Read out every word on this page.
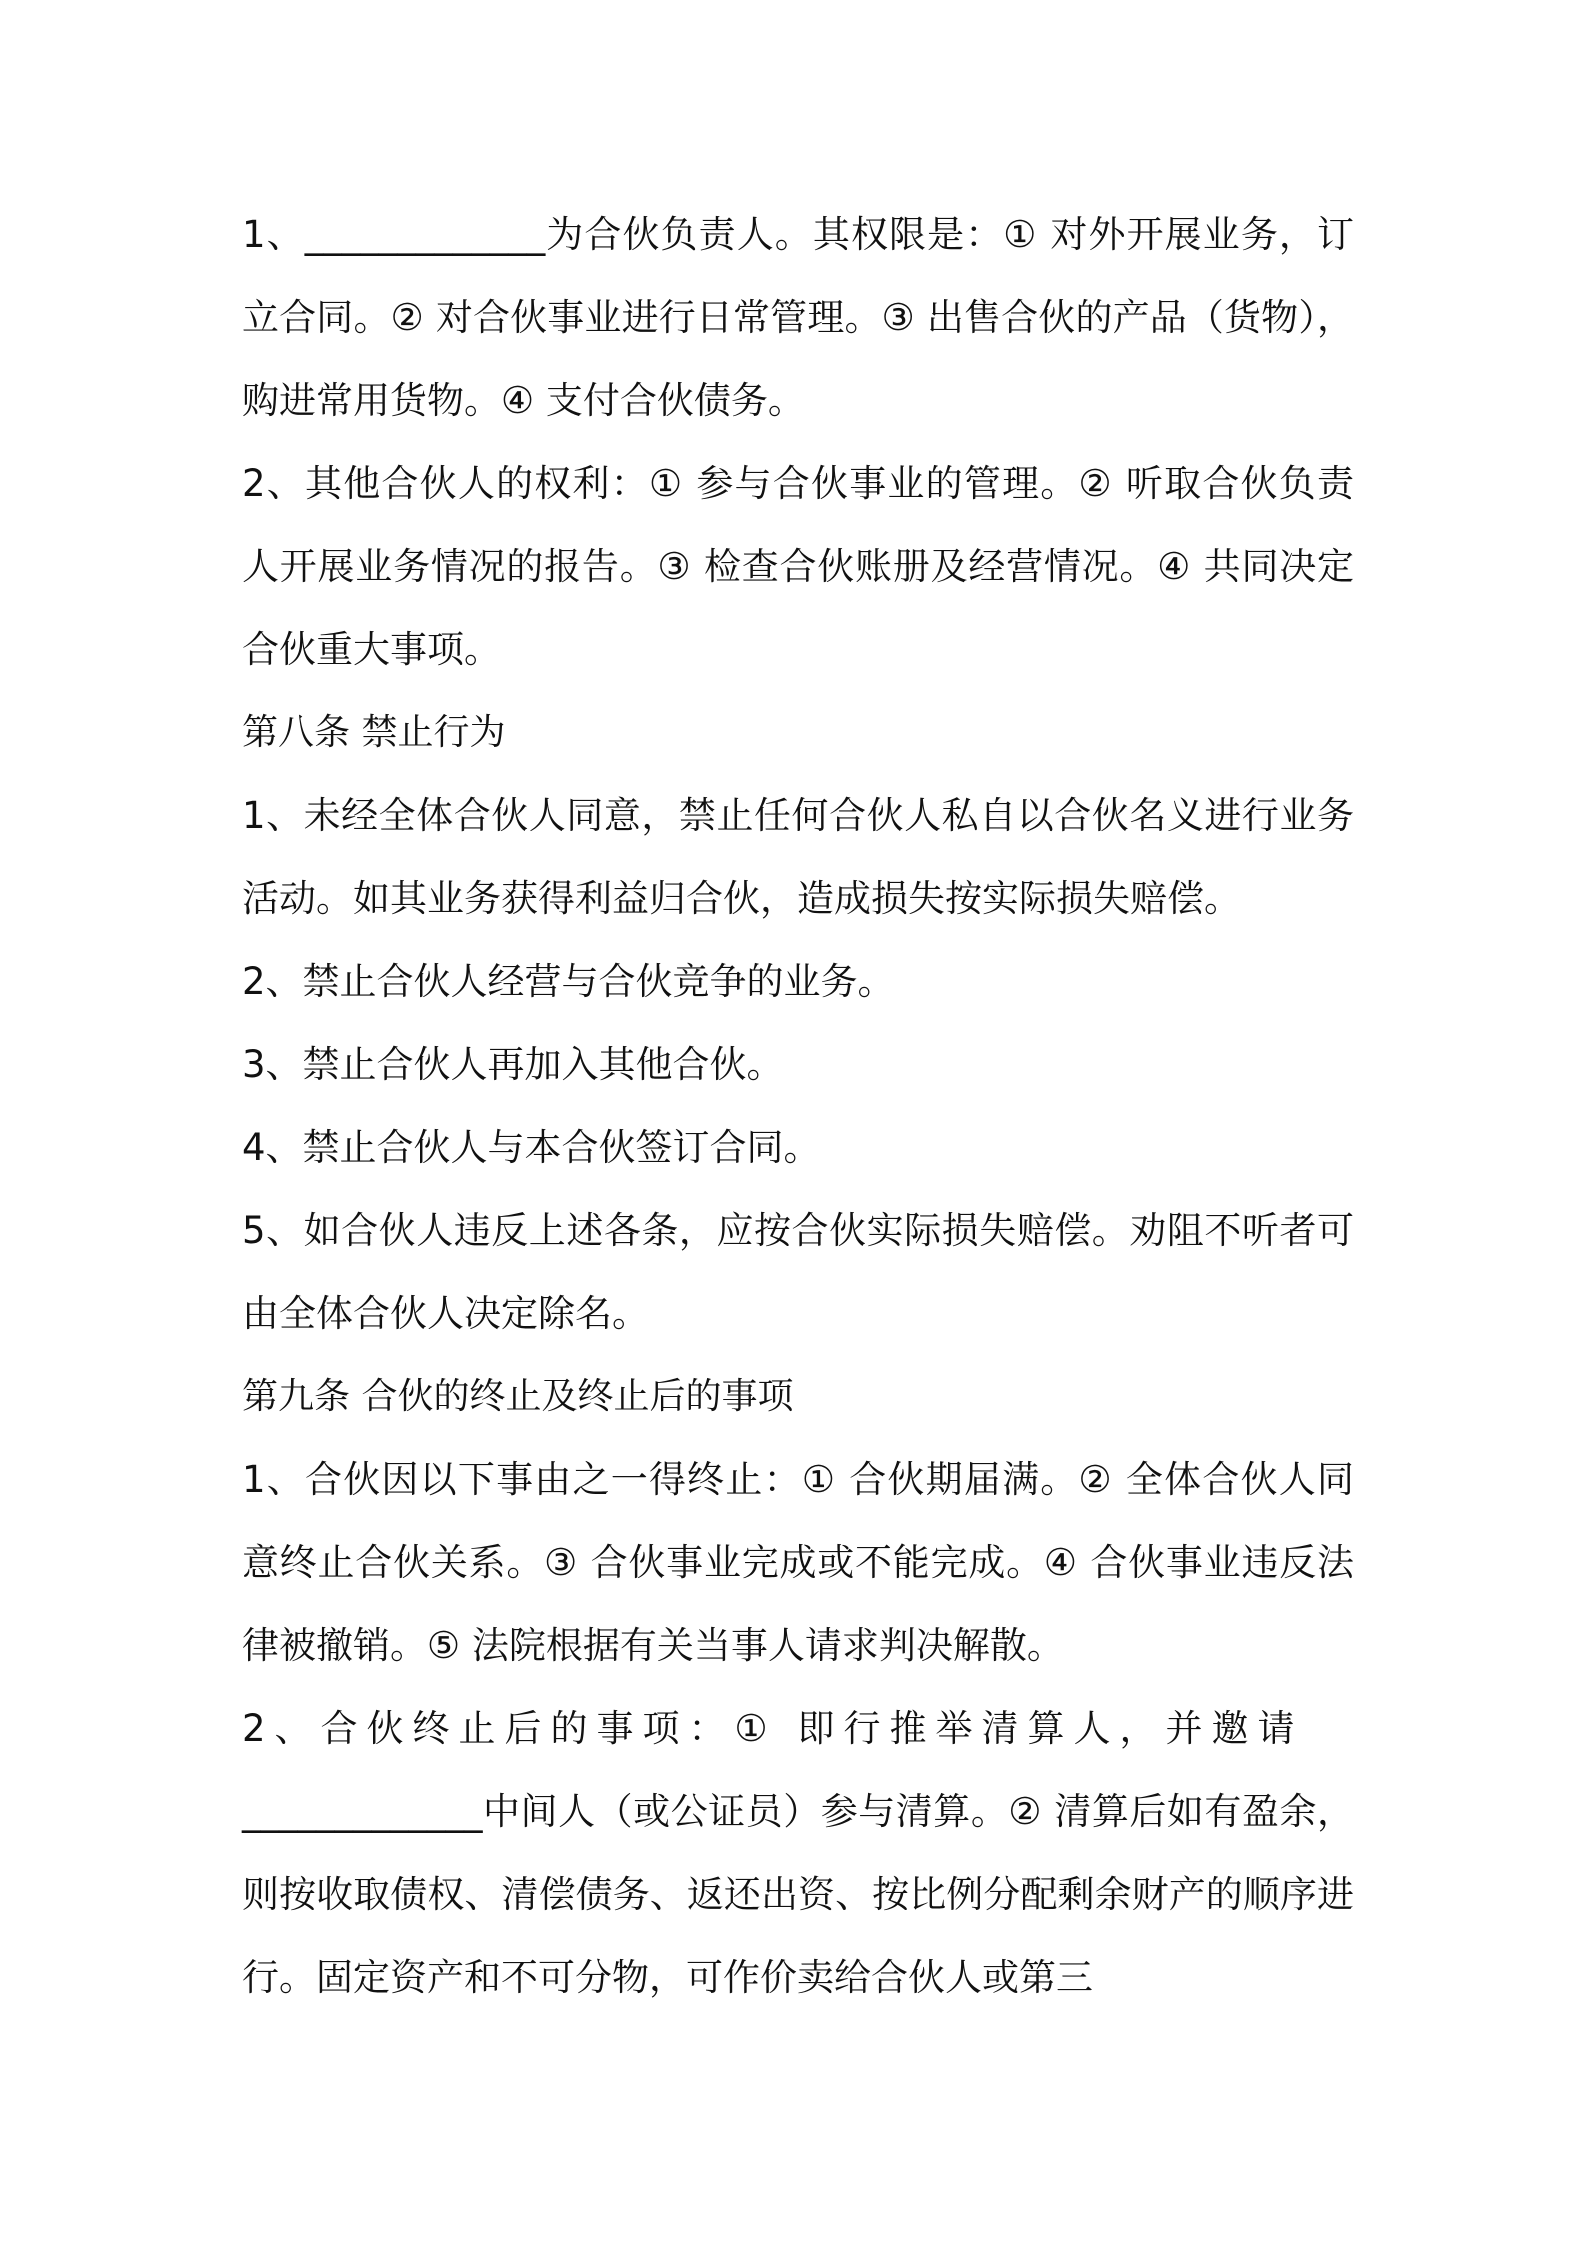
1、_____________为合伙负责人。其权限是：① 对外开展业务，订立合同。② 对合伙事业进行日常管理。③ 出售合伙的产品（货物），购进常用货物。④ 支付合伙债务。

2、其他合伙人的权利：① 参与合伙事业的管理。② 听取合伙负责人开展业务情况的报告。③ 检查合伙账册及经营情况。④ 共同决定合伙重大事项。

第八条 禁止行为

1、未经全体合伙人同意，禁止任何合伙人私自以合伙名义进行业务活动。如其业务获得利益归合伙，造成损失按实际损失赔偿。

2、禁止合伙人经营与合伙竞争的业务。

3、禁止合伙人再加入其他合伙。

4、禁止合伙人与本合伙签订合同。

5、如合伙人违反上述各条，应按合伙实际损失赔偿。劝阻不听者可由全体合伙人决定除名。

第九条 合伙的终止及终止后的事项

1、合伙因以下事由之一得终止：① 合伙期届满。② 全体合伙人同意终止合伙关系。③ 合伙事业完成或不能完成。④ 合伙事业违反法律被撤销。⑤ 法院根据有关当事人请求判决解散。

2、合伙终止后的事项：① 即行推举清算人，并邀请

_____________中间人（或公证员）参与清算。② 清算后如有盈余，则按收取债权、清偿债务、返还出资、按比例分配剩余财产的顺序进行。固定资产和不可分物，可作价卖给合伙人或第三
